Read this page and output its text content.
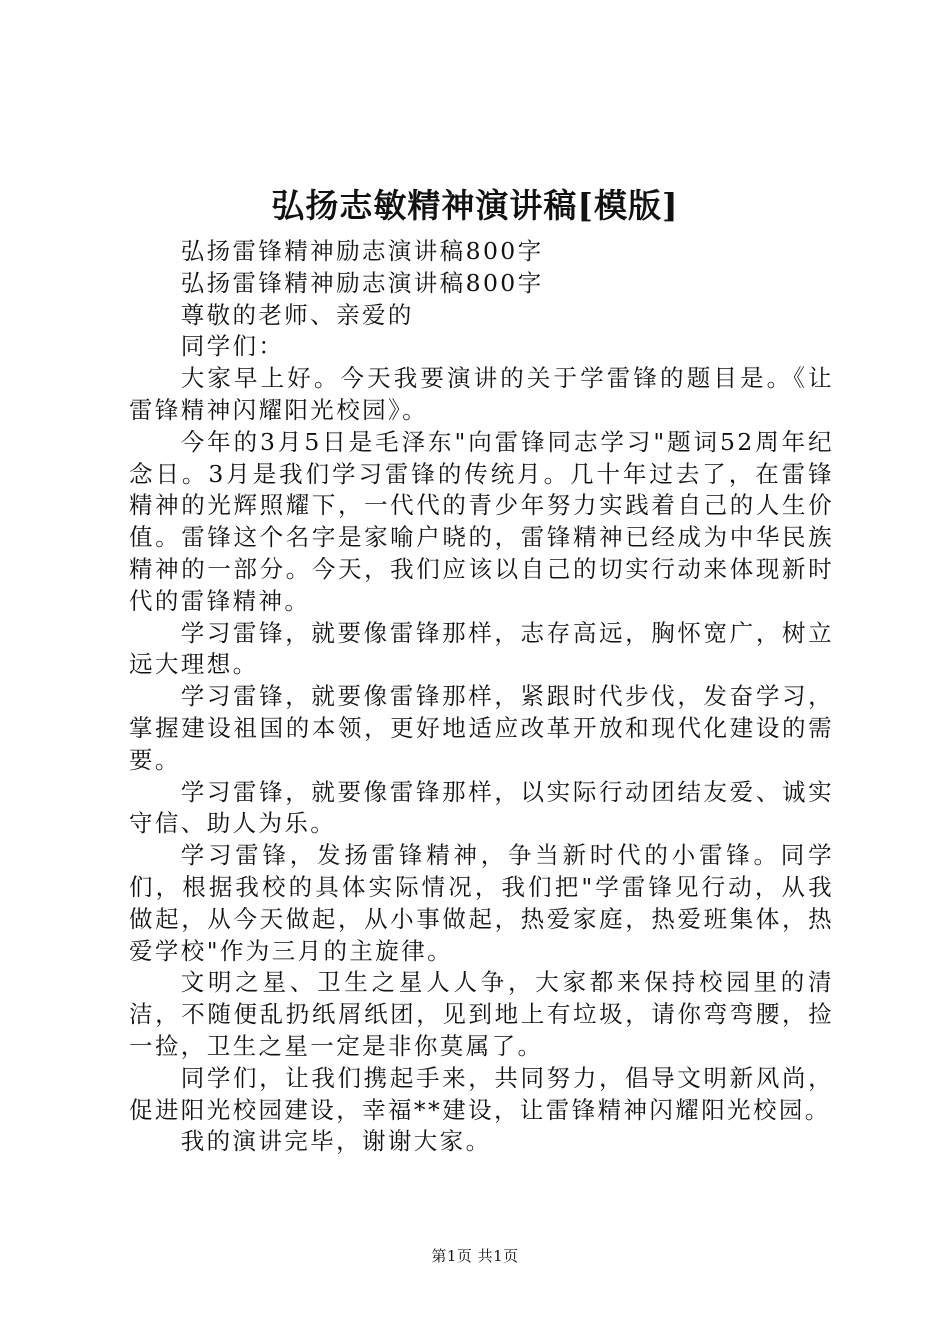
弘扬志敏精神演讲稿[模版]

弘扬雷锋精神励志演讲稿800字

弘扬雷锋精神励志演讲稿800字

尊敬的老师、亲爱的

同学们：

大家早上好。今天我要演讲的关于学雷锋的题目是。《让雷锋精神闪耀阳光校园》。

今年的3月5日是毛泽东"向雷锋同志学习"题词52周年纪念日。3月是我们学习雷锋的传统月。几十年过去了，在雷锋精神的光辉照耀下，一代代的青少年努力实践着自己的人生价值。雷锋这个名字是家喻户晓的，雷锋精神已经成为中华民族精神的一部分。今天，我们应该以自己的切实行动来体现新时代的雷锋精神。

学习雷锋，就要像雷锋那样，志存高远，胸怀宽广，树立远大理想。

学习雷锋，就要像雷锋那样，紧跟时代步伐，发奋学习，掌握建设祖国的本领，更好地适应改革开放和现代化建设的需要。

学习雷锋，就要像雷锋那样，以实际行动团结友爱、诚实守信、助人为乐。

学习雷锋，发扬雷锋精神，争当新时代的小雷锋。同学们，根据我校的具体实际情况，我们把"学雷锋见行动，从我做起，从今天做起，从小事做起，热爱家庭，热爱班集体，热爱学校"作为三月的主旋律。

文明之星、卫生之星人人争，大家都来保持校园里的清洁，不随便乱扔纸屑纸团，见到地上有垃圾，请你弯弯腰，捡一捡，卫生之星一定是非你莫属了。

同学们，让我们携起手来，共同努力，倡导文明新风尚，促进阳光校园建设，幸福**建设，让雷锋精神闪耀阳光校园。

我的演讲完毕，谢谢大家。

第1页 共1页
